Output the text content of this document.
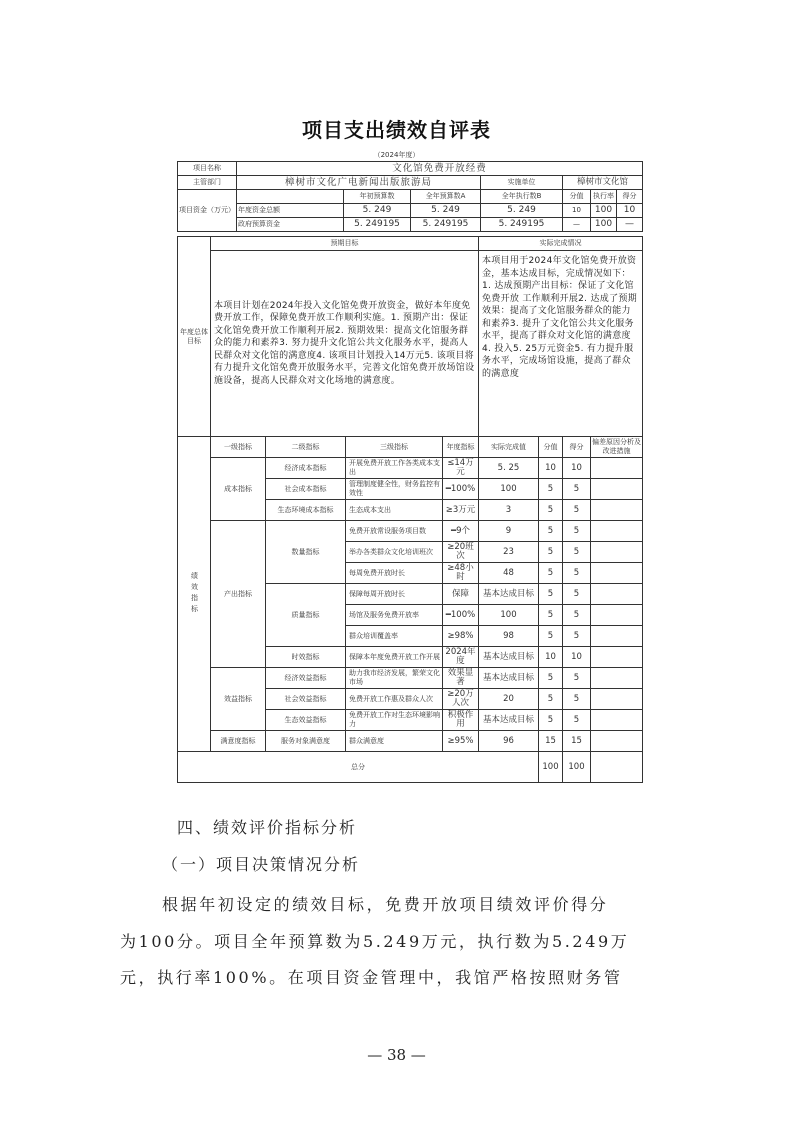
项目支出绩效自评表
（2024年度）
项目名称	文化馆免费开放经费						
主管部门	樟树市文化广电新闻出版旅游局			实施单位	樟树市文化馆		
项目资金（万元）		年初预算数	全年预算数A	全年执行数B	分值	执行率	得分
	年度资金总额	5. 249	5. 249	5. 249	10	100	10
	政府预算资金	5. 249195	5. 249195	5. 249195	—	100	—
年度总体目标	预期目标	实际完成情况
	本项目计划在2024年投入文化馆免费开放资金，做好本年度免费开放工作，保障免费开放工作顺利实施。1. 预期产出：保证文化馆免费开放工作顺利开展2. 预期效果：提高文化馆服务群众的能力和素养3. 努力提升文化馆公共文化服务水平，提高人民群众对文化馆的满意度4. 该项目计划投入14万元5. 该项目将有力提升文化馆免费开放服务水平，完善文化馆免费开放场馆设施设备，提高人民群众对文化场地的满意度。	本项目用于2024年文化馆免费开放资金，基本达成目标，完成情况如下：1. 达成预期产出目标：保证了文化馆免费开放 工作顺利开展2. 达成了预期效果：提高了文化馆服务群众的能力和素养3. 提升了文化馆公共文化服务水平，提高了群众对文化馆的满意度4. 投入5. 25万元资金5. 有力提升服务水平，完成场馆设施，提高了群众的满意度
绩效指标	一级指标	二级指标	三级指标	年度指标	实际完成值	分值	得分	偏差原因分析及改进措施
	成本指标	经济成本指标	开展免费开放工作各类成本支出	≤14万元	5. 25	10	10	
		社会成本指标	管理制度健全性，财务监控有效性	━100%	100	5	5	
		生态环境成本指标	生态成本支出	≥3万元	3	5	5	
	产出指标	数量指标	免费开放常设服务项目数	━9个	9	5	5	
			举办各类群众文化培训班次	≥20班次	23	5	5	
			每周免费开放时长	≥48小时	48	5	5	
		质量指标	保障每周开放时长	保障	基本达成目标	5	5	
			场馆及服务免费开放率	━100%	100	5	5	
			群众培训覆盖率	≥98%	98	5	5	
		时效指标	保障本年度免费开放工作开展	2024年度	基本达成目标	10	10	
	效益指标	经济效益指标	助力我市经济发展，繁荣文化市场	效果显著	基本达成目标	5	5	
		社会效益指标	免费开放工作惠及群众人次	≥20万人次	20	5	5	
		生态效益指标	免费开放工作对生态环境影响力	积极作用	基本达成目标	5	5	
	满意度指标	服务对象满意度	群众满意度	≥95%	96	15	15	
总分						100	100	
四、绩效评价指标分析
（一）项目决策情况分析

根据年初设定的绩效目标，免费开放项目绩效评价得分

为100分。项目全年预算数为5.249万元，执行数为5.249万

元，执行率100%。在项目资金管理中，我馆严格按照财务管

— 38 —
